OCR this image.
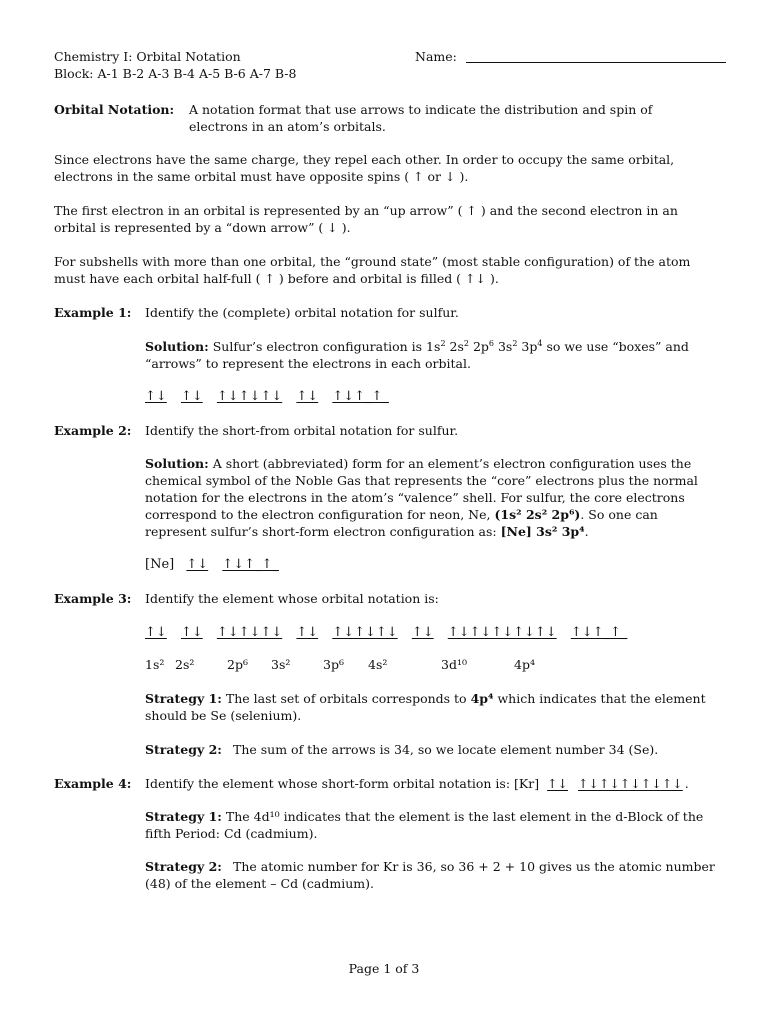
Chemistry I: Orbital Notation	Name:
Block: A-1 B-2 A-3 B-4 A-5 B-6 A-7 B-8
Orbital Notation: A notation format that use arrows to indicate the distribution and spin of electrons in an atom’s orbitals.
Since electrons have the same charge, they repel each other. In order to occupy the same orbital, electrons in the same orbital must have opposite spins ( ↑ or ↓ ).
The first electron in an orbital is represented by an “up arrow” ( ↑ ) and the second electron in an orbital is represented by a “down arrow” ( ↓ ).
For subshells with more than one orbital, the “ground state” (most stable configuration) of the atom must have each orbital half-full ( ↑ ) before and orbital is filled ( ↑↓ ).
Example 1: Identify the (complete) orbital notation for sulfur.
Solution: Sulfur’s electron configuration is $1s^2$ $2s^2$ $2p^6$ $3s^2$ $3p^4$ so we use “boxes” and “arrows” to represent the electrons in each orbital.
↑↓ ↑↓ ↑↓↑↓↑↓ ↑↓ ↑↓↑_↑_
Example 2: Identify the short-from orbital notation for sulfur.
Solution: A short (abbreviated) form for an element’s electron configuration uses the chemical symbol of the Noble Gas that represents the “core” electrons plus the normal notation for the electrons in the atom’s “valence” shell. For sulfur, the core electrons correspond to the electron configuration for neon, Ne, (1s² 2s² 2p⁶). So one can represent sulfur’s short-form electron configuration as: [Ne] 3s² 3p⁴.
[Ne] ↑↓ ↑↓↑_↑_
Example 3: Identify the element whose orbital notation is:
↑↓ ↑↓ ↑↓↑↓↑↓ ↑↓ ↑↓↑↓↑↓ ↑↓ ↑↓↑↓↑↓↑↓↑↓ ↑↓↑_↑_
1s² 2s²	2p⁶ 3s²	3p⁶ 4s²	3d¹⁰	4p⁴
Strategy 1: The last set of orbitals corresponds to 4p⁴ which indicates that the element should be Se (selenium).
Strategy 2: The sum of the arrows is 34, so we locate element number 34 (Se).
Example 4: Identify the element whose short-form orbital notation is: [Kr] ↑↓ ↑↓↑↓↑↓↑↓↑↓ .
Strategy 1: The 4d¹⁰ indicates that the element is the last element in the d-Block of the fifth Period: Cd (cadmium).
Strategy 2: The atomic number for Kr is 36, so 36 + 2 + 10 gives us the atomic number (48) of the element – Cd (cadmium).
Page 1 of 3
